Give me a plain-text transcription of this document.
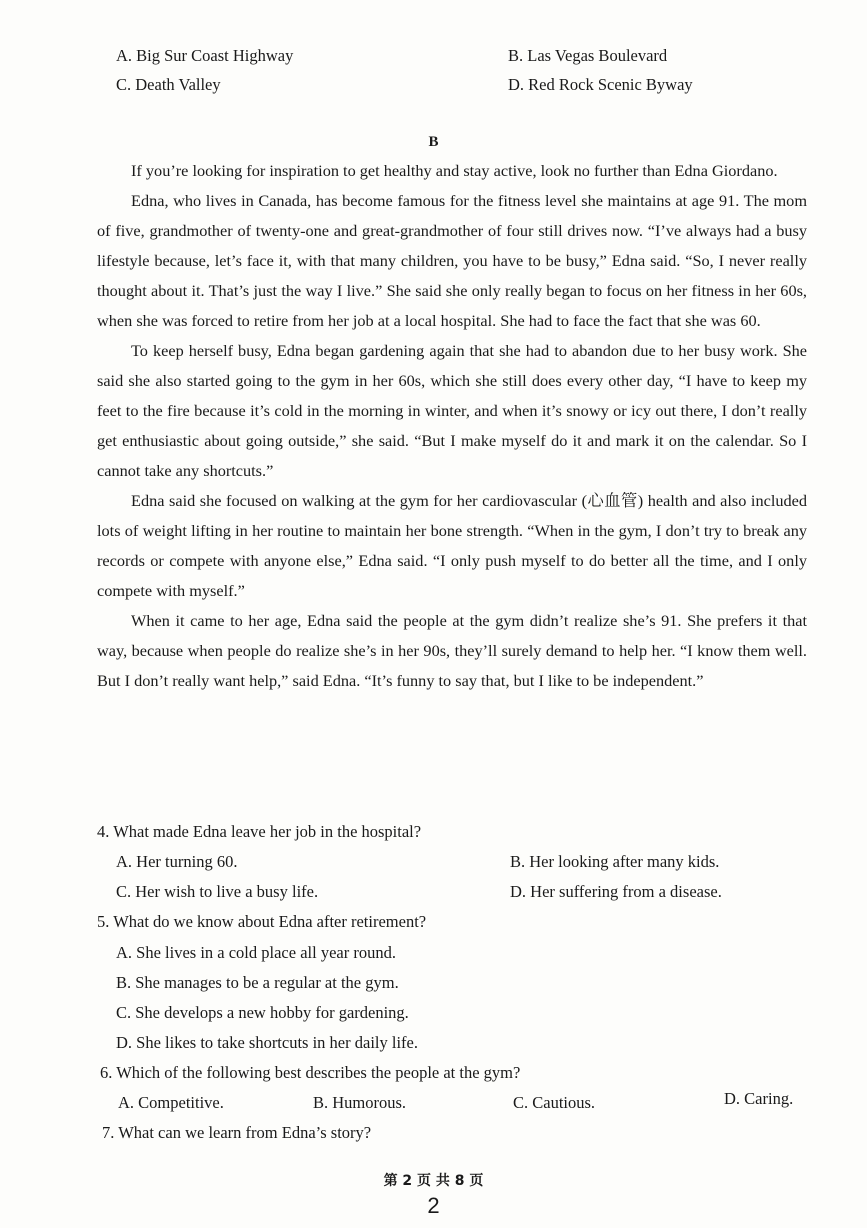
A. Big Sur Coast Highway	B. Las Vegas Boulevard
C. Death Valley	D. Red Rock Scenic Byway
B

If you’re looking for inspiration to get healthy and stay active, look no further than Edna Giordano.

Edna, who lives in Canada, has become famous for the fitness level she maintains at age 91. The mom of five, grandmother of twenty-one and great-grandmother of four still drives now. “I’ve always had a busy lifestyle because, let’s face it, with that many children, you have to be busy,” Edna said. “So, I never really thought about it. That’s just the way I live.” She said she only really began to focus on her fitness in her 60s, when she was forced to retire from her job at a local hospital. She had to face the fact that she was 60.

To keep herself busy, Edna began gardening again that she had to abandon due to her busy work. She said she also started going to the gym in her 60s, which she still does every other day, “I have to keep my feet to the fire because it’s cold in the morning in winter, and when it’s snowy or icy out there, I don’t really get enthusiastic about going outside,” she said. “But I make myself do it and mark it on the calendar. So I cannot take any shortcuts.”

Edna said she focused on walking at the gym for her cardiovascular (心血管) health and also included lots of weight lifting in her routine to maintain her bone strength. “When in the gym, I don’t try to break any records or compete with anyone else,” Edna said. “I only push myself to do better all the time, and I only compete with myself.”

When it came to her age, Edna said the people at the gym didn’t realize she’s 91. She prefers it that way, because when people do realize she’s in her 90s, they’ll surely demand to help her. “I know them well. But I don’t really want help,” said Edna. “It’s funny to say that, but I like to be independent.”

4. What made Edna leave her job in the hospital?
A. Her turning 60.	B. Her looking after many kids.
C. Her wish to live a busy life.	D. Her suffering from a disease.
5. What do we know about Edna after retirement?
A. She lives in a cold place all year round.
B. She manages to be a regular at the gym.
C. She develops a new hobby for gardening.
D. She likes to take shortcuts in her daily life.
6. Which of the following best describes the people at the gym?
A. Competitive.	B. Humorous.	C. Cautious.	D. Caring.
7. What can we learn from Edna’s story?
第 2 页 共 8 页
2
